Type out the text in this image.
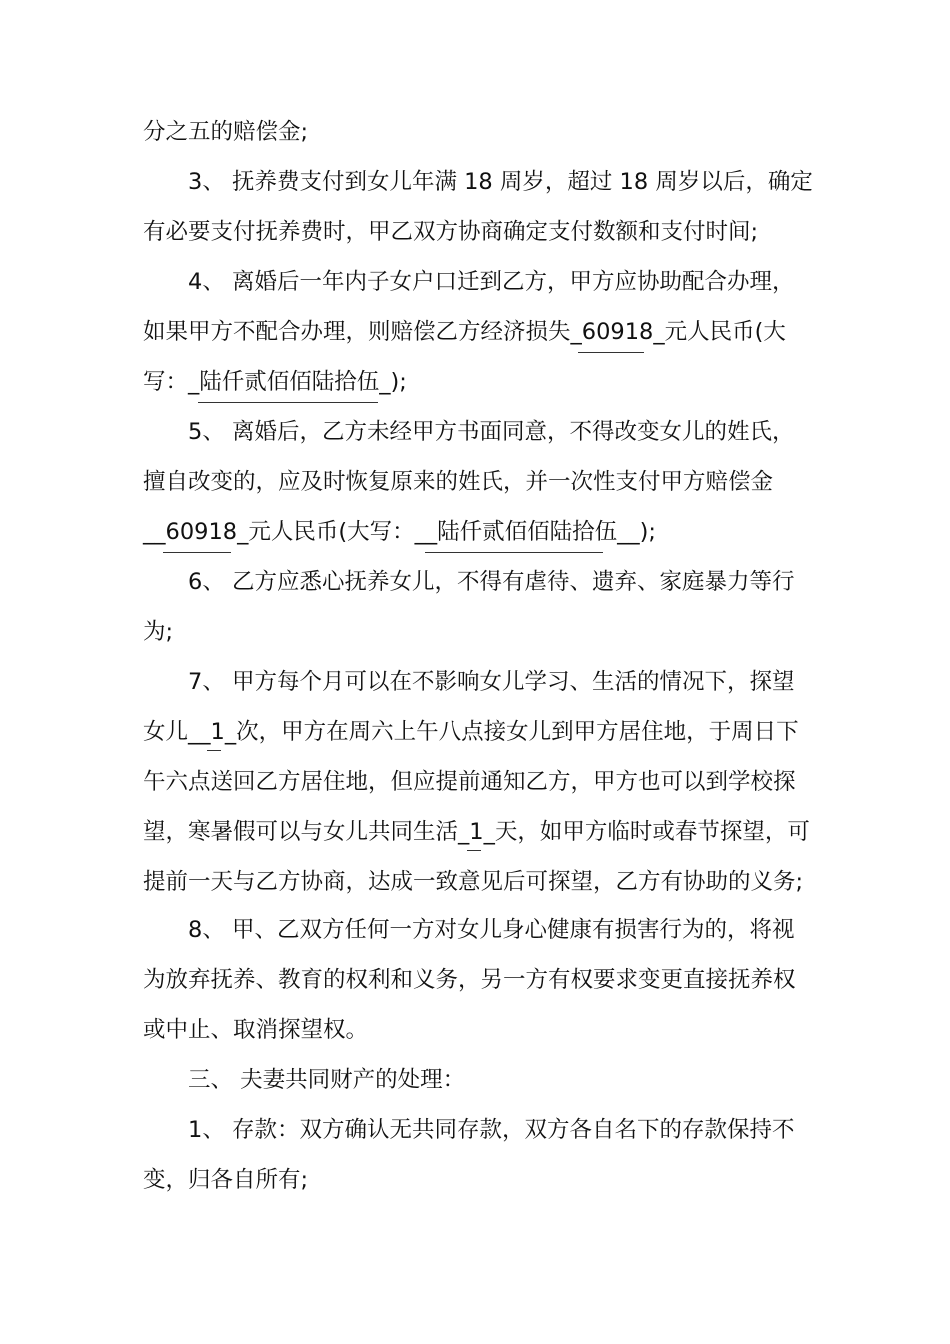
分之五的赔偿金;
3、 抚养费支付到女儿年满 18 周岁，超过 18 周岁以后，确定
有必要支付抚养费时，甲乙双方协商确定支付数额和支付时间;
4、 离婚后一年内子女户口迁到乙方，甲方应协助配合办理，
如果甲方不配合办理，则赔偿乙方经济损失_60918_元人民币(大
写：_陆仟贰佰佰陆拾伍_);
5、 离婚后，乙方未经甲方书面同意，不得改变女儿的姓氏，
擅自改变的，应及时恢复原来的姓氏，并一次性支付甲方赔偿金
__60918_元人民币(大写：__陆仟贰佰佰陆拾伍__);
6、 乙方应悉心抚养女儿，不得有虐待、遗弃、家庭暴力等行
为;
7、 甲方每个月可以在不影响女儿学习、生活的情况下，探望
女儿__1_次，甲方在周六上午八点接女儿到甲方居住地，于周日下
午六点送回乙方居住地，但应提前通知乙方，甲方也可以到学校探
望，寒暑假可以与女儿共同生活_1_天，如甲方临时或春节探望，可
提前一天与乙方协商，达成一致意见后可探望，乙方有协助的义务;
8、 甲、乙双方任何一方对女儿身心健康有损害行为的，将视
为放弃抚养、教育的权利和义务，另一方有权要求变更直接抚养权
或中止、取消探望权。
三、 夫妻共同财产的处理：
1、 存款：双方确认无共同存款，双方各自名下的存款保持不
变，归各自所有;
